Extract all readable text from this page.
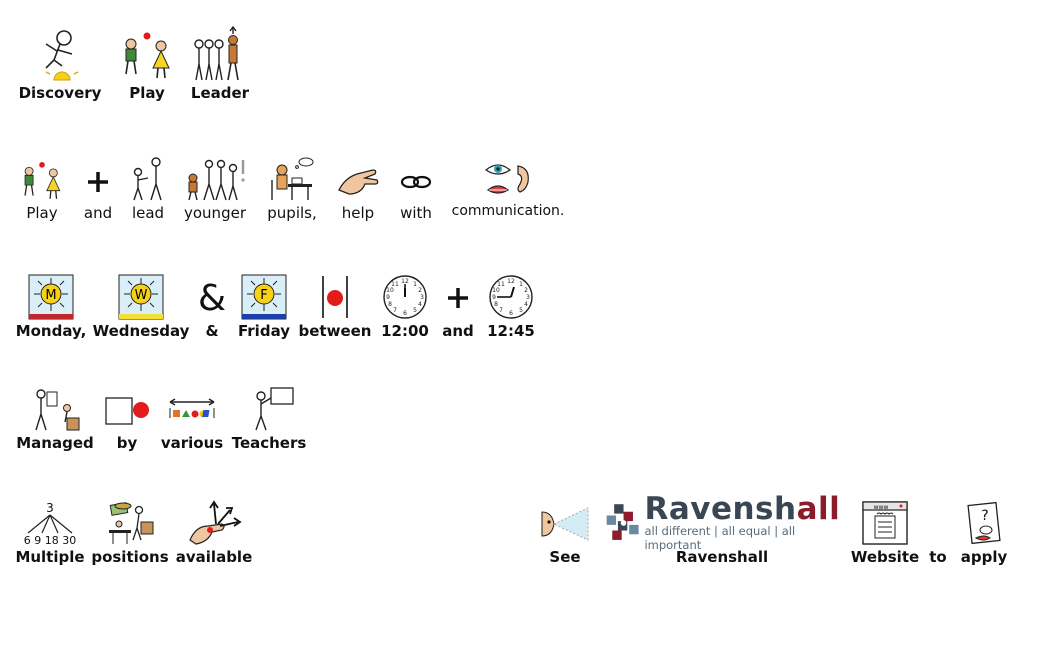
Discovery Play Leader
Play and lead younger pupils, help with communication.
M
Monday,
W
Wednesday
&
&
F
Friday between
12 1
2
3
4
5
6
7
8
9
10
11
12:00 and
12 1
2
3
4
5
6
7
8
9
10
11
12:45
Managed by various Teachers
3
6 9 18 30
Multiple positions available	See
Ravenshall
all different | all equal | all important
Ravenshall
www
Website to
?
apply
